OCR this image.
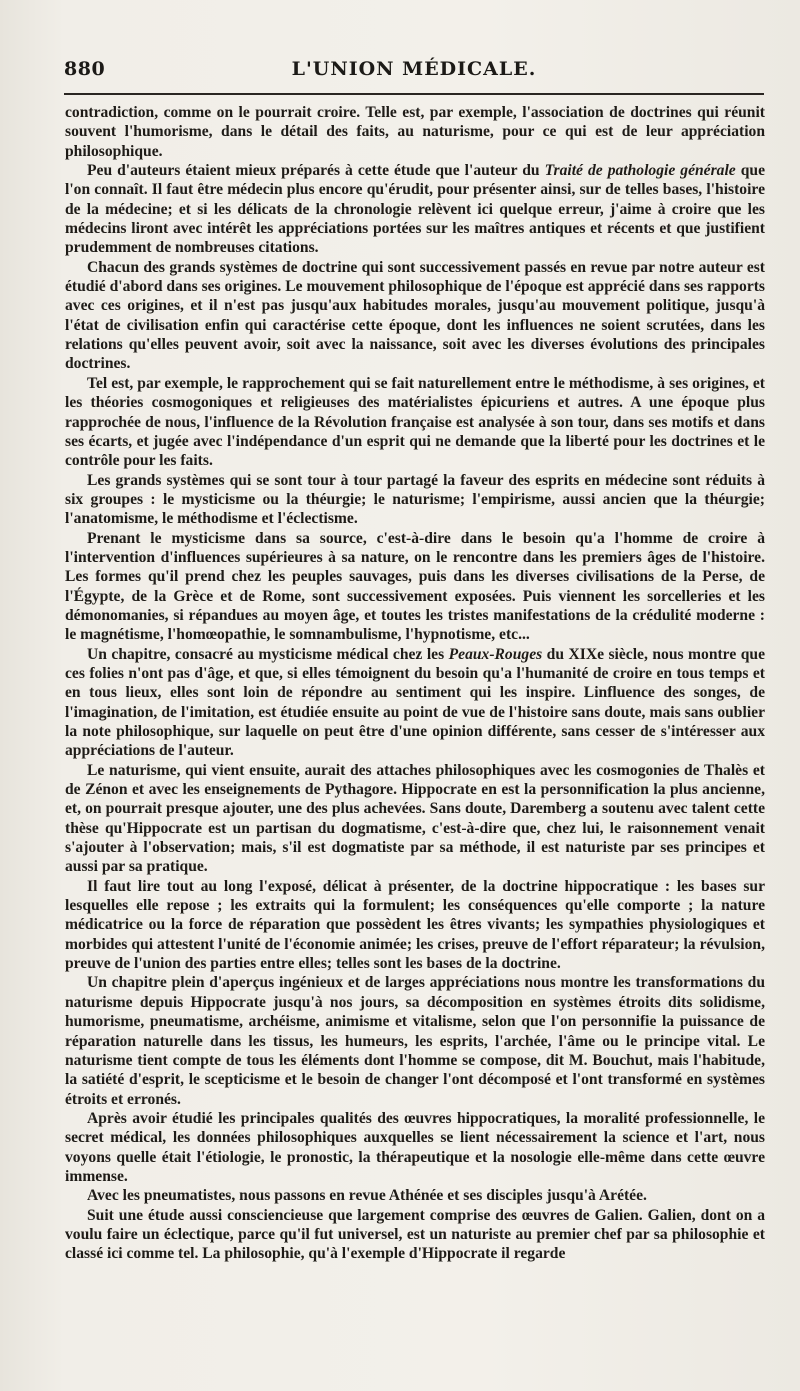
880	L'UNION MÉDICALE.

contradiction, comme on le pourrait croire. Telle est, par exemple, l'association de doctrines qui réunit souvent l'humorisme, dans le détail des faits, au naturisme, pour ce qui est de leur appréciation philosophique.

Peu d'auteurs étaient mieux préparés à cette étude que l'auteur du Traité de pathologie générale que l'on connaît. Il faut être médecin plus encore qu'érudit, pour présenter ainsi, sur de telles bases, l'histoire de la médecine; et si les délicats de la chronologie relèvent ici quelque erreur, j'aime à croire que les médecins liront avec intérêt les appréciations portées sur les maîtres antiques et récents et que justifient prudemment de nombreuses citations.

Chacun des grands systèmes de doctrine qui sont successivement passés en revue par notre auteur est étudié d'abord dans ses origines. Le mouvement philosophique de l'époque est apprécié dans ses rapports avec ces origines, et il n'est pas jusqu'aux habitudes morales, jusqu'au mouvement politique, jusqu'à l'état de civilisation enfin qui caractérise cette époque, dont les influences ne soient scrutées, dans les relations qu'elles peuvent avoir, soit avec la naissance, soit avec les diverses évolutions des principales doctrines.

Tel est, par exemple, le rapprochement qui se fait naturellement entre le méthodisme, à ses origines, et les théories cosmogoniques et religieuses des matérialistes épicuriens et autres. A une époque plus rapprochée de nous, l'influence de la Révolution française est analysée à son tour, dans ses motifs et dans ses écarts, et jugée avec l'indépendance d'un esprit qui ne demande que la liberté pour les doctrines et le contrôle pour les faits.

Les grands systèmes qui se sont tour à tour partagé la faveur des esprits en médecine sont réduits à six groupes : le mysticisme ou la théurgie; le naturisme; l'empirisme, aussi ancien que la théurgie; l'anatomisme, le méthodisme et l'éclectisme.

Prenant le mysticisme dans sa source, c'est-à-dire dans le besoin qu'a l'homme de croire à l'intervention d'influences supérieures à sa nature, on le rencontre dans les premiers âges de l'histoire. Les formes qu'il prend chez les peuples sauvages, puis dans les diverses civilisations de la Perse, de l'Égypte, de la Grèce et de Rome, sont successivement exposées. Puis viennent les sorcelleries et les démonomanies, si répandues au moyen âge, et toutes les tristes manifestations de la crédulité moderne : le magnétisme, l'homœopathie, le somnambulisme, l'hypnotisme, etc...

Un chapitre, consacré au mysticisme médical chez les Peaux-Rouges du XIXe siècle, nous montre que ces folies n'ont pas d'âge, et que, si elles témoignent du besoin qu'a l'humanité de croire en tous temps et en tous lieux, elles sont loin de répondre au sentiment qui les inspire. Linfluence des songes, de l'imagination, de l'imitation, est étudiée ensuite au point de vue de l'histoire sans doute, mais sans oublier la note philosophique, sur laquelle on peut être d'une opinion différente, sans cesser de s'intéresser aux appréciations de l'auteur.

Le naturisme, qui vient ensuite, aurait des attaches philosophiques avec les cosmogonies de Thalès et de Zénon et avec les enseignements de Pythagore. Hippocrate en est la personnification la plus ancienne, et, on pourrait presque ajouter, une des plus achevées. Sans doute, Daremberg a soutenu avec talent cette thèse qu'Hippocrate est un partisan du dogmatisme, c'est-à-dire que, chez lui, le raisonnement venait s'ajouter à l'observation; mais, s'il est dogmatiste par sa méthode, il est naturiste par ses principes et aussi par sa pratique.

Il faut lire tout au long l'exposé, délicat à présenter, de la doctrine hippocratique : les bases sur lesquelles elle repose ; les extraits qui la formulent; les conséquences qu'elle comporte ; la nature médicatrice ou la force de réparation que possèdent les êtres vivants; les sympathies physiologiques et morbides qui attestent l'unité de l'économie animée; les crises, preuve de l'effort réparateur; la révulsion, preuve de l'union des parties entre elles; telles sont les bases de la doctrine.

Un chapitre plein d'aperçus ingénieux et de larges appréciations nous montre les transformations du naturisme depuis Hippocrate jusqu'à nos jours, sa décomposition en systèmes étroits dits solidisme, humorisme, pneumatisme, archéisme, animisme et vitalisme, selon que l'on personnifie la puissance de réparation naturelle dans les tissus, les humeurs, les esprits, l'archée, l'âme ou le principe vital. Le naturisme tient compte de tous les éléments dont l'homme se compose, dit M. Bouchut, mais l'habitude, la satiété d'esprit, le scepticisme et le besoin de changer l'ont décomposé et l'ont transformé en systèmes étroits et erronés.

Après avoir étudié les principales qualités des œuvres hippocratiques, la moralité professionnelle, le secret médical, les données philosophiques auxquelles se lient nécessairement la science et l'art, nous voyons quelle était l'étiologie, le pronostic, la thérapeutique et la nosologie elle-même dans cette œuvre immense.

Avec les pneumatistes, nous passons en revue Athénée et ses disciples jusqu'à Arétée.

Suit une étude aussi consciencieuse que largement comprise des œuvres de Galien. Galien, dont on a voulu faire un éclectique, parce qu'il fut universel, est un naturiste au premier chef par sa philosophie et classé ici comme tel. La philosophie, qu'à l'exemple d'Hippocrate il regarde
